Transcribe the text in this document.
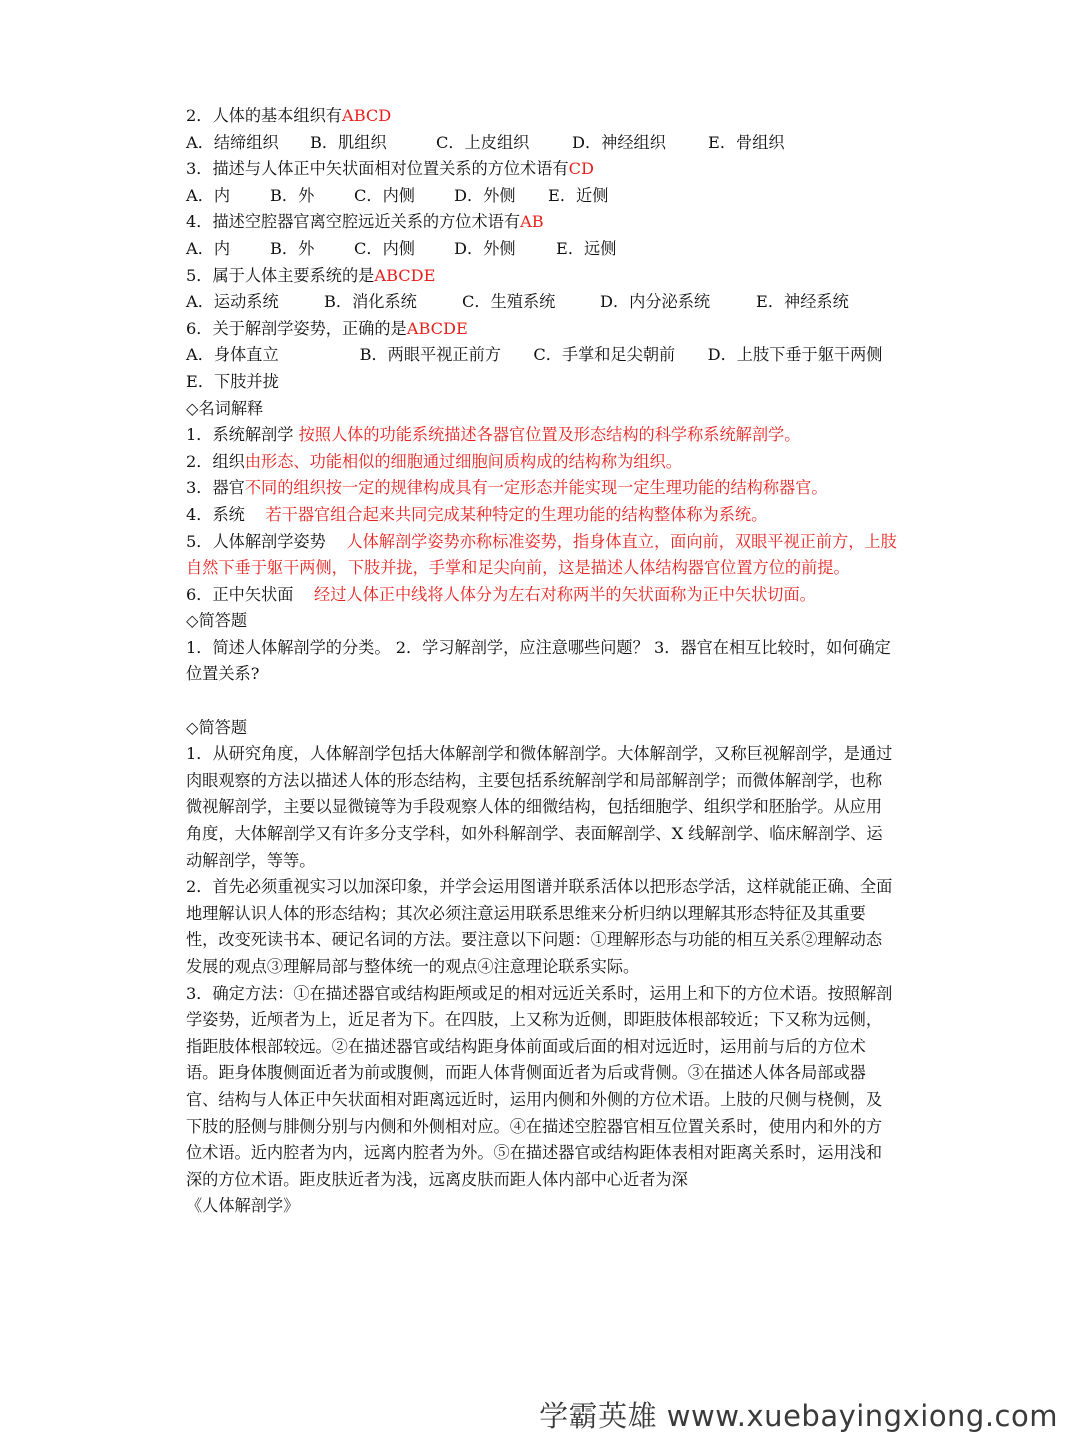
2．人体的基本组织有ABCD
A．结缔组织 B．肌组织	C．上皮组织	D．神经组织	E．骨组织
3．描述与人体正中矢状面相对位置关系的方位术语有CD
A．内 B．外 C．内侧 D．外侧 E．近侧
4．描述空腔器官离空腔远近关系的方位术语有AB
A．内 B．外 C．内侧 D．外侧 E．远侧
5．属于人体主要系统的是ABCDE
A．运动系统	B．消化系统	C．生殖系统	D．内分泌系统	E．神经系统
6．关于解剖学姿势，正确的是ABCDE
A．身体直立　　　　　B．两眼平视正前方　　C．手掌和足尖朝前　　D．上肢下垂于躯干两侧　　E．下肢并拢
◇名词解释
1．系统解剖学 按照人体的功能系统描述各器官位置及形态结构的科学称系统解剖学。
2．组织由形态、功能相似的细胞通过细胞间质构成的结构称为组织。
3．器官不同的组织按一定的规律构成具有一定形态并能实现一定生理功能的结构称器官。
4．系统 若干器官组合起来共同完成某种特定的生理功能的结构整体称为系统。
5．人体解剖学姿势 人体解剖学姿势亦称标准姿势，指身体直立，面向前，双眼平视正前方，上肢自然下垂于躯干两侧，下肢并拢，手掌和足尖向前，这是描述人体结构器官位置方位的前提。
6．正中矢状面 经过人体正中线将人体分为左右对称两半的矢状面称为正中矢状切面。
◇简答题
1．简述人体解剖学的分类。 2．学习解剖学，应注意哪些问题？ 3．器官在相互比较时，如何确定位置关系?
◇简答题
1．从研究角度，人体解剖学包括大体解剖学和微体解剖学。大体解剖学，又称巨视解剖学，是通过肉眼观察的方法以描述人体的形态结构，主要包括系统解剖学和局部解剖学；而微体解剖学，也称微视解剖学，主要以显微镜等为手段观察人体的细微结构，包括细胞学、组织学和胚胎学。从应用角度，大体解剖学又有许多分支学科，如外科解剖学、表面解剖学、X 线解剖学、临床解剖学、运动解剖学，等等。
2．首先必须重视实习以加深印象，并学会运用图谱并联系活体以把形态学活，这样就能正确、全面地理解认识人体的形态结构；其次必须注意运用联系思维来分析归纳以理解其形态特征及其重要性，改变死读书本、硬记名词的方法。要注意以下问题：①理解形态与功能的相互关系②理解动态发展的观点③理解局部与整体统一的观点④注意理论联系实际。
3．确定方法：①在描述器官或结构距颅或足的相对远近关系时，运用上和下的方位术语。按照解剖学姿势，近颅者为上，近足者为下。在四肢，上又称为近侧，即距肢体根部较近；下又称为远侧，指距肢体根部较远。②在描述器官或结构距身体前面或后面的相对远近时，运用前与后的方位术语。距身体腹侧面近者为前或腹侧，而距人体背侧面近者为后或背侧。③在描述人体各局部或器官、结构与人体正中矢状面相对距离远近时，运用内侧和外侧的方位术语。上肢的尺侧与桡侧，及下肢的胫侧与腓侧分别与内侧和外侧相对应。④在描述空腔器官相互位置关系时，使用内和外的方位术语。近内腔者为内，远离内腔者为外。⑤在描述器官或结构距体表相对距离关系时，运用浅和深的方位术语。距皮肤近者为浅，远离皮肤而距人体内部中心近者为深
《人体解剖学》
学霸英雄 www.xuebayingxiong.com
